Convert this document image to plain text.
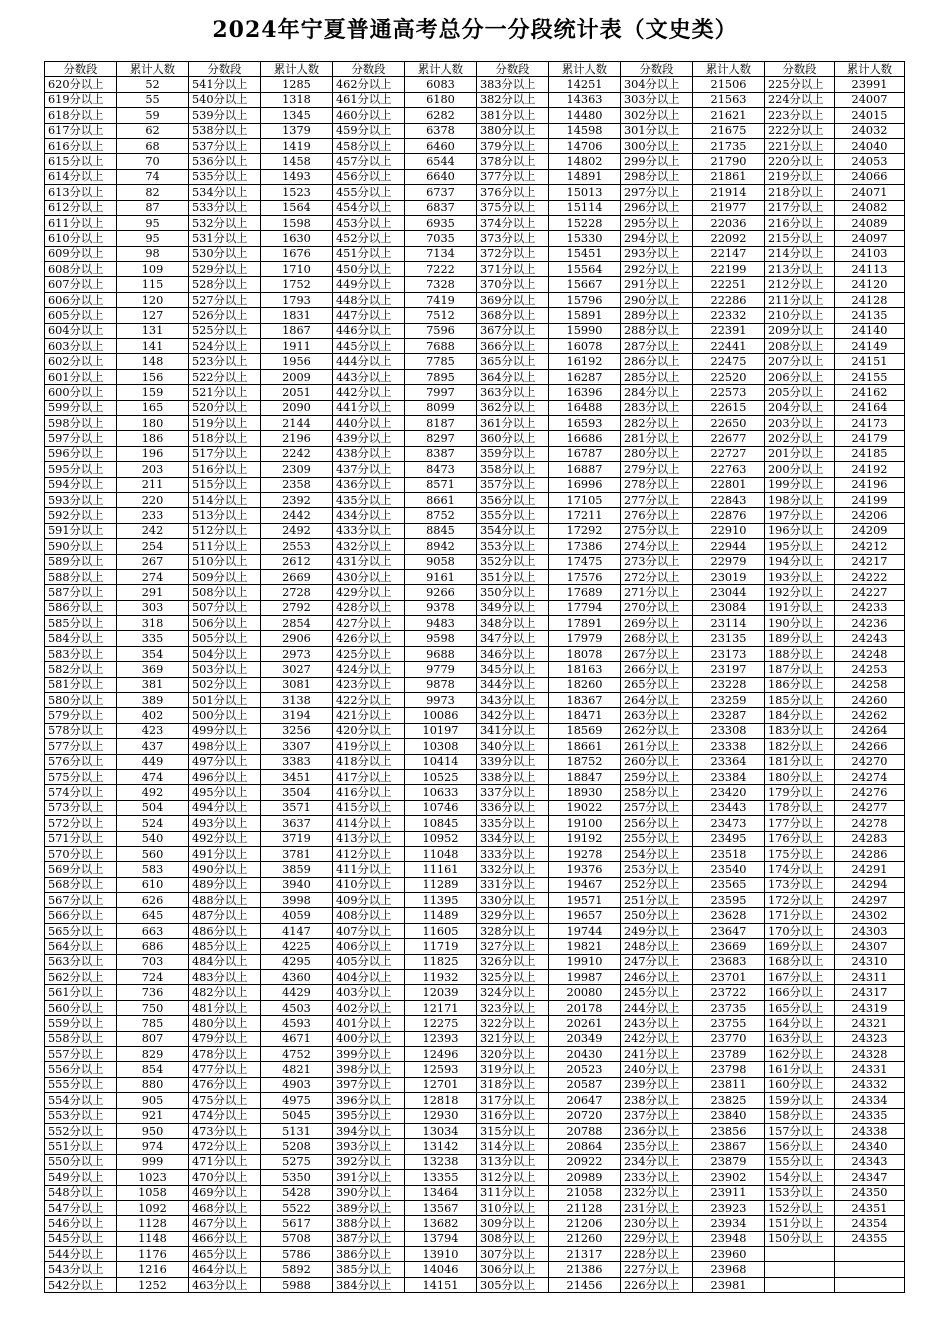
2024年宁夏普通高考总分一分段统计表（文史类）
分数段	累计人数	分数段	累计人数	分数段	累计人数	分数段	累计人数	分数段	累计人数	分数段	累计人数
620分以上	52	541分以上	1285	462分以上	6083	383分以上	14251	304分以上	21506	225分以上	23991
619分以上	55	540分以上	1318	461分以上	6180	382分以上	14363	303分以上	21563	224分以上	24007
618分以上	59	539分以上	1345	460分以上	6282	381分以上	14480	302分以上	21621	223分以上	24015
617分以上	62	538分以上	1379	459分以上	6378	380分以上	14598	301分以上	21675	222分以上	24032
616分以上	68	537分以上	1419	458分以上	6460	379分以上	14706	300分以上	21735	221分以上	24040
615分以上	70	536分以上	1458	457分以上	6544	378分以上	14802	299分以上	21790	220分以上	24053
614分以上	74	535分以上	1493	456分以上	6640	377分以上	14891	298分以上	21861	219分以上	24066
613分以上	82	534分以上	1523	455分以上	6737	376分以上	15013	297分以上	21914	218分以上	24071
612分以上	87	533分以上	1564	454分以上	6837	375分以上	15114	296分以上	21977	217分以上	24082
611分以上	95	532分以上	1598	453分以上	6935	374分以上	15228	295分以上	22036	216分以上	24089
610分以上	95	531分以上	1630	452分以上	7035	373分以上	15330	294分以上	22092	215分以上	24097
609分以上	98	530分以上	1676	451分以上	7134	372分以上	15451	293分以上	22147	214分以上	24103
608分以上	109	529分以上	1710	450分以上	7222	371分以上	15564	292分以上	22199	213分以上	24113
607分以上	115	528分以上	1752	449分以上	7328	370分以上	15667	291分以上	22251	212分以上	24120
606分以上	120	527分以上	1793	448分以上	7419	369分以上	15796	290分以上	22286	211分以上	24128
605分以上	127	526分以上	1831	447分以上	7512	368分以上	15891	289分以上	22332	210分以上	24135
604分以上	131	525分以上	1867	446分以上	7596	367分以上	15990	288分以上	22391	209分以上	24140
603分以上	141	524分以上	1911	445分以上	7688	366分以上	16078	287分以上	22441	208分以上	24149
602分以上	148	523分以上	1956	444分以上	7785	365分以上	16192	286分以上	22475	207分以上	24151
601分以上	156	522分以上	2009	443分以上	7895	364分以上	16287	285分以上	22520	206分以上	24155
600分以上	159	521分以上	2051	442分以上	7997	363分以上	16396	284分以上	22573	205分以上	24162
599分以上	165	520分以上	2090	441分以上	8099	362分以上	16488	283分以上	22615	204分以上	24164
598分以上	180	519分以上	2144	440分以上	8187	361分以上	16593	282分以上	22650	203分以上	24173
597分以上	186	518分以上	2196	439分以上	8297	360分以上	16686	281分以上	22677	202分以上	24179
596分以上	196	517分以上	2242	438分以上	8387	359分以上	16787	280分以上	22727	201分以上	24185
595分以上	203	516分以上	2309	437分以上	8473	358分以上	16887	279分以上	22763	200分以上	24192
594分以上	211	515分以上	2358	436分以上	8571	357分以上	16996	278分以上	22801	199分以上	24196
593分以上	220	514分以上	2392	435分以上	8661	356分以上	17105	277分以上	22843	198分以上	24199
592分以上	233	513分以上	2442	434分以上	8752	355分以上	17211	276分以上	22876	197分以上	24206
591分以上	242	512分以上	2492	433分以上	8845	354分以上	17292	275分以上	22910	196分以上	24209
590分以上	254	511分以上	2553	432分以上	8942	353分以上	17386	274分以上	22944	195分以上	24212
589分以上	267	510分以上	2612	431分以上	9058	352分以上	17475	273分以上	22979	194分以上	24217
588分以上	274	509分以上	2669	430分以上	9161	351分以上	17576	272分以上	23019	193分以上	24222
587分以上	291	508分以上	2728	429分以上	9266	350分以上	17689	271分以上	23044	192分以上	24227
586分以上	303	507分以上	2792	428分以上	9378	349分以上	17794	270分以上	23084	191分以上	24233
585分以上	318	506分以上	2854	427分以上	9483	348分以上	17891	269分以上	23114	190分以上	24236
584分以上	335	505分以上	2906	426分以上	9598	347分以上	17979	268分以上	23135	189分以上	24243
583分以上	354	504分以上	2973	425分以上	9688	346分以上	18078	267分以上	23173	188分以上	24248
582分以上	369	503分以上	3027	424分以上	9779	345分以上	18163	266分以上	23197	187分以上	24253
581分以上	381	502分以上	3081	423分以上	9878	344分以上	18260	265分以上	23228	186分以上	24258
580分以上	389	501分以上	3138	422分以上	9973	343分以上	18367	264分以上	23259	185分以上	24260
579分以上	402	500分以上	3194	421分以上	10086	342分以上	18471	263分以上	23287	184分以上	24262
578分以上	423	499分以上	3256	420分以上	10197	341分以上	18569	262分以上	23308	183分以上	24264
577分以上	437	498分以上	3307	419分以上	10308	340分以上	18661	261分以上	23338	182分以上	24266
576分以上	449	497分以上	3383	418分以上	10414	339分以上	18752	260分以上	23364	181分以上	24270
575分以上	474	496分以上	3451	417分以上	10525	338分以上	18847	259分以上	23384	180分以上	24274
574分以上	492	495分以上	3504	416分以上	10633	337分以上	18930	258分以上	23420	179分以上	24276
573分以上	504	494分以上	3571	415分以上	10746	336分以上	19022	257分以上	23443	178分以上	24277
572分以上	524	493分以上	3637	414分以上	10845	335分以上	19100	256分以上	23473	177分以上	24278
571分以上	540	492分以上	3719	413分以上	10952	334分以上	19192	255分以上	23495	176分以上	24283
570分以上	560	491分以上	3781	412分以上	11048	333分以上	19278	254分以上	23518	175分以上	24286
569分以上	583	490分以上	3859	411分以上	11161	332分以上	19376	253分以上	23540	174分以上	24291
568分以上	610	489分以上	3940	410分以上	11289	331分以上	19467	252分以上	23565	173分以上	24294
567分以上	626	488分以上	3998	409分以上	11395	330分以上	19571	251分以上	23595	172分以上	24297
566分以上	645	487分以上	4059	408分以上	11489	329分以上	19657	250分以上	23628	171分以上	24302
565分以上	663	486分以上	4147	407分以上	11605	328分以上	19744	249分以上	23647	170分以上	24303
564分以上	686	485分以上	4225	406分以上	11719	327分以上	19821	248分以上	23669	169分以上	24307
563分以上	703	484分以上	4295	405分以上	11825	326分以上	19910	247分以上	23683	168分以上	24310
562分以上	724	483分以上	4360	404分以上	11932	325分以上	19987	246分以上	23701	167分以上	24311
561分以上	736	482分以上	4429	403分以上	12039	324分以上	20080	245分以上	23722	166分以上	24317
560分以上	750	481分以上	4503	402分以上	12171	323分以上	20178	244分以上	23735	165分以上	24319
559分以上	785	480分以上	4593	401分以上	12275	322分以上	20261	243分以上	23755	164分以上	24321
558分以上	807	479分以上	4671	400分以上	12393	321分以上	20349	242分以上	23770	163分以上	24323
557分以上	829	478分以上	4752	399分以上	12496	320分以上	20430	241分以上	23789	162分以上	24328
556分以上	854	477分以上	4821	398分以上	12593	319分以上	20523	240分以上	23798	161分以上	24331
555分以上	880	476分以上	4903	397分以上	12701	318分以上	20587	239分以上	23811	160分以上	24332
554分以上	905	475分以上	4975	396分以上	12818	317分以上	20647	238分以上	23825	159分以上	24334
553分以上	921	474分以上	5045	395分以上	12930	316分以上	20720	237分以上	23840	158分以上	24335
552分以上	950	473分以上	5131	394分以上	13034	315分以上	20788	236分以上	23856	157分以上	24338
551分以上	974	472分以上	5208	393分以上	13142	314分以上	20864	235分以上	23867	156分以上	24340
550分以上	999	471分以上	5275	392分以上	13238	313分以上	20922	234分以上	23879	155分以上	24343
549分以上	1023	470分以上	5350	391分以上	13355	312分以上	20989	233分以上	23902	154分以上	24347
548分以上	1058	469分以上	5428	390分以上	13464	311分以上	21058	232分以上	23911	153分以上	24350
547分以上	1092	468分以上	5522	389分以上	13567	310分以上	21128	231分以上	23923	152分以上	24351
546分以上	1128	467分以上	5617	388分以上	13682	309分以上	21206	230分以上	23934	151分以上	24354
545分以上	1148	466分以上	5708	387分以上	13794	308分以上	21260	229分以上	23948	150分以上	24355
544分以上	1176	465分以上	5786	386分以上	13910	307分以上	21317	228分以上	23960		
543分以上	1216	464分以上	5892	385分以上	14046	306分以上	21386	227分以上	23968		
542分以上	1252	463分以上	5988	384分以上	14151	305分以上	21456	226分以上	23981		
